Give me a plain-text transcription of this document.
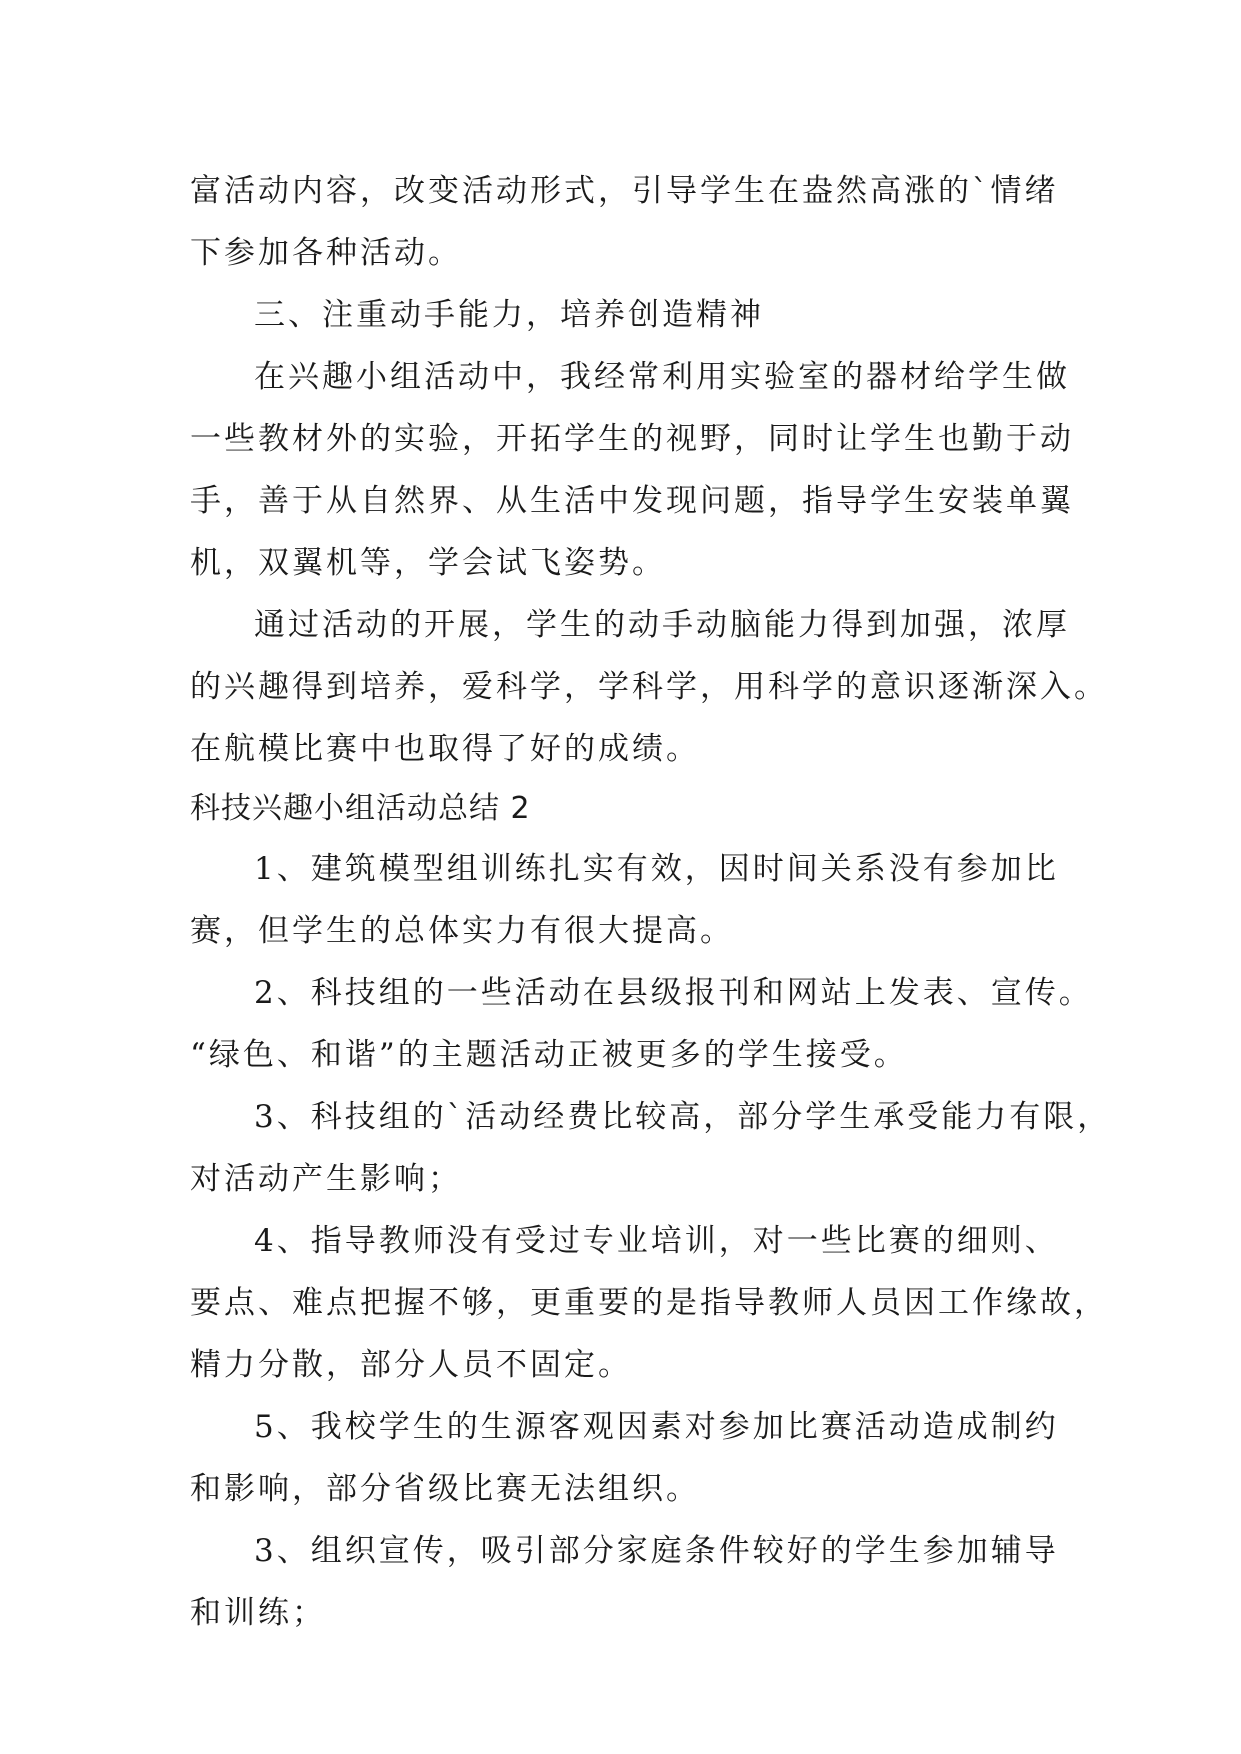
富活动内容，改变活动形式，引导学生在盎然高涨的`情绪
下参加各种活动。
三、注重动手能力，培养创造精神
在兴趣小组活动中，我经常利用实验室的器材给学生做
一些教材外的实验，开拓学生的视野，同时让学生也勤于动
手，善于从自然界、从生活中发现问题，指导学生安装单翼
机，双翼机等，学会试飞姿势。
通过活动的开展，学生的动手动脑能力得到加强，浓厚
的兴趣得到培养，爱科学，学科学，用科学的意识逐渐深入。
在航模比赛中也取得了好的成绩。
科技兴趣小组活动总结 2
1、建筑模型组训练扎实有效，因时间关系没有参加比
赛，但学生的总体实力有很大提高。
2、科技组的一些活动在县级报刊和网站上发表、宣传。
“绿色、和谐”的主题活动正被更多的学生接受。
3、科技组的`活动经费比较高，部分学生承受能力有限，
对活动产生影响；
4、指导教师没有受过专业培训，对一些比赛的细则、
要点、难点把握不够，更重要的是指导教师人员因工作缘故，
精力分散，部分人员不固定。
5、我校学生的生源客观因素对参加比赛活动造成制约
和影响，部分省级比赛无法组织。
3、组织宣传，吸引部分家庭条件较好的学生参加辅导
和训练；
